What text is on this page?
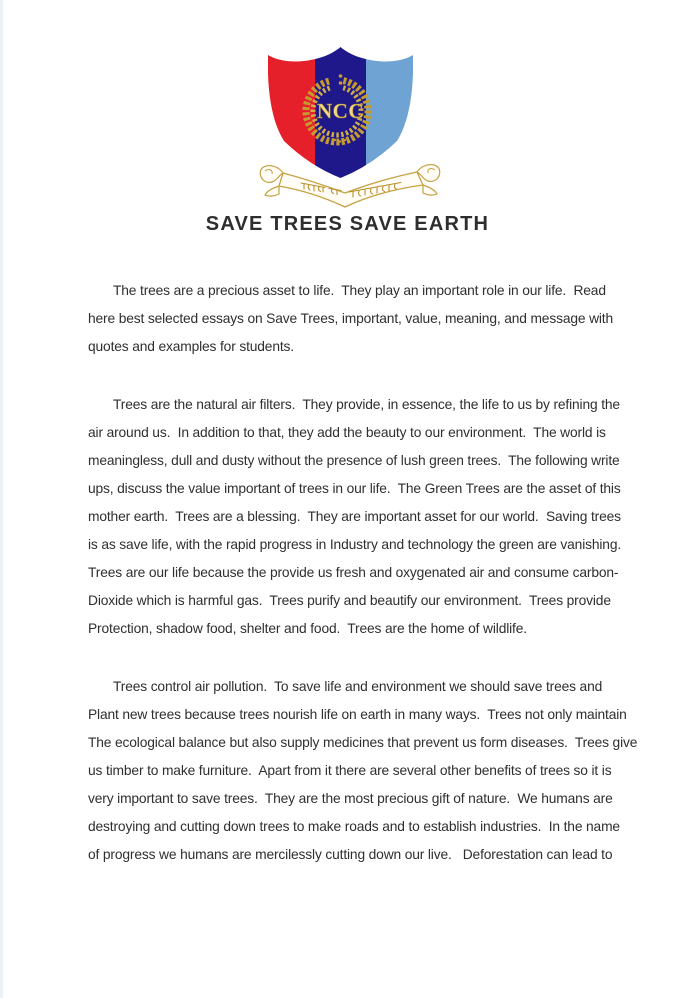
NCC
SAVE TREES SAVE EARTH
The trees are a precious asset to life.  They play an important role in our life.  Read
here best selected essays on Save Trees, important, value, meaning, and message with
quotes and examples for students.
Trees are the natural air filters.  They provide, in essence, the life to us by refining the
air around us.  In addition to that, they add the beauty to our environment.  The world is
meaningless, dull and dusty without the presence of lush green trees.  The following write
ups, discuss the value important of trees in our life.  The Green Trees are the asset of this
mother earth.  Trees are a blessing.  They are important asset for our world.  Saving trees
is as save life, with the rapid progress in Industry and technology the green are vanishing.
Trees are our life because the provide us fresh and oxygenated air and consume carbon-
Dioxide which is harmful gas.  Trees purify and beautify our environment.  Trees provide
Protection, shadow food, shelter and food.  Trees are the home of wildlife.
Trees control air pollution.  To save life and environment we should save trees and
Plant new trees because trees nourish life on earth in many ways.  Trees not only maintain
The ecological balance but also supply medicines that prevent us form diseases.  Trees give
us timber to make furniture.  Apart from it there are several other benefits of trees so it is
very important to save trees.  They are the most precious gift of nature.  We humans are
destroying and cutting down trees to make roads and to establish industries.  In the name
of progress we humans are mercilessly cutting down our live.   Deforestation can lead to
